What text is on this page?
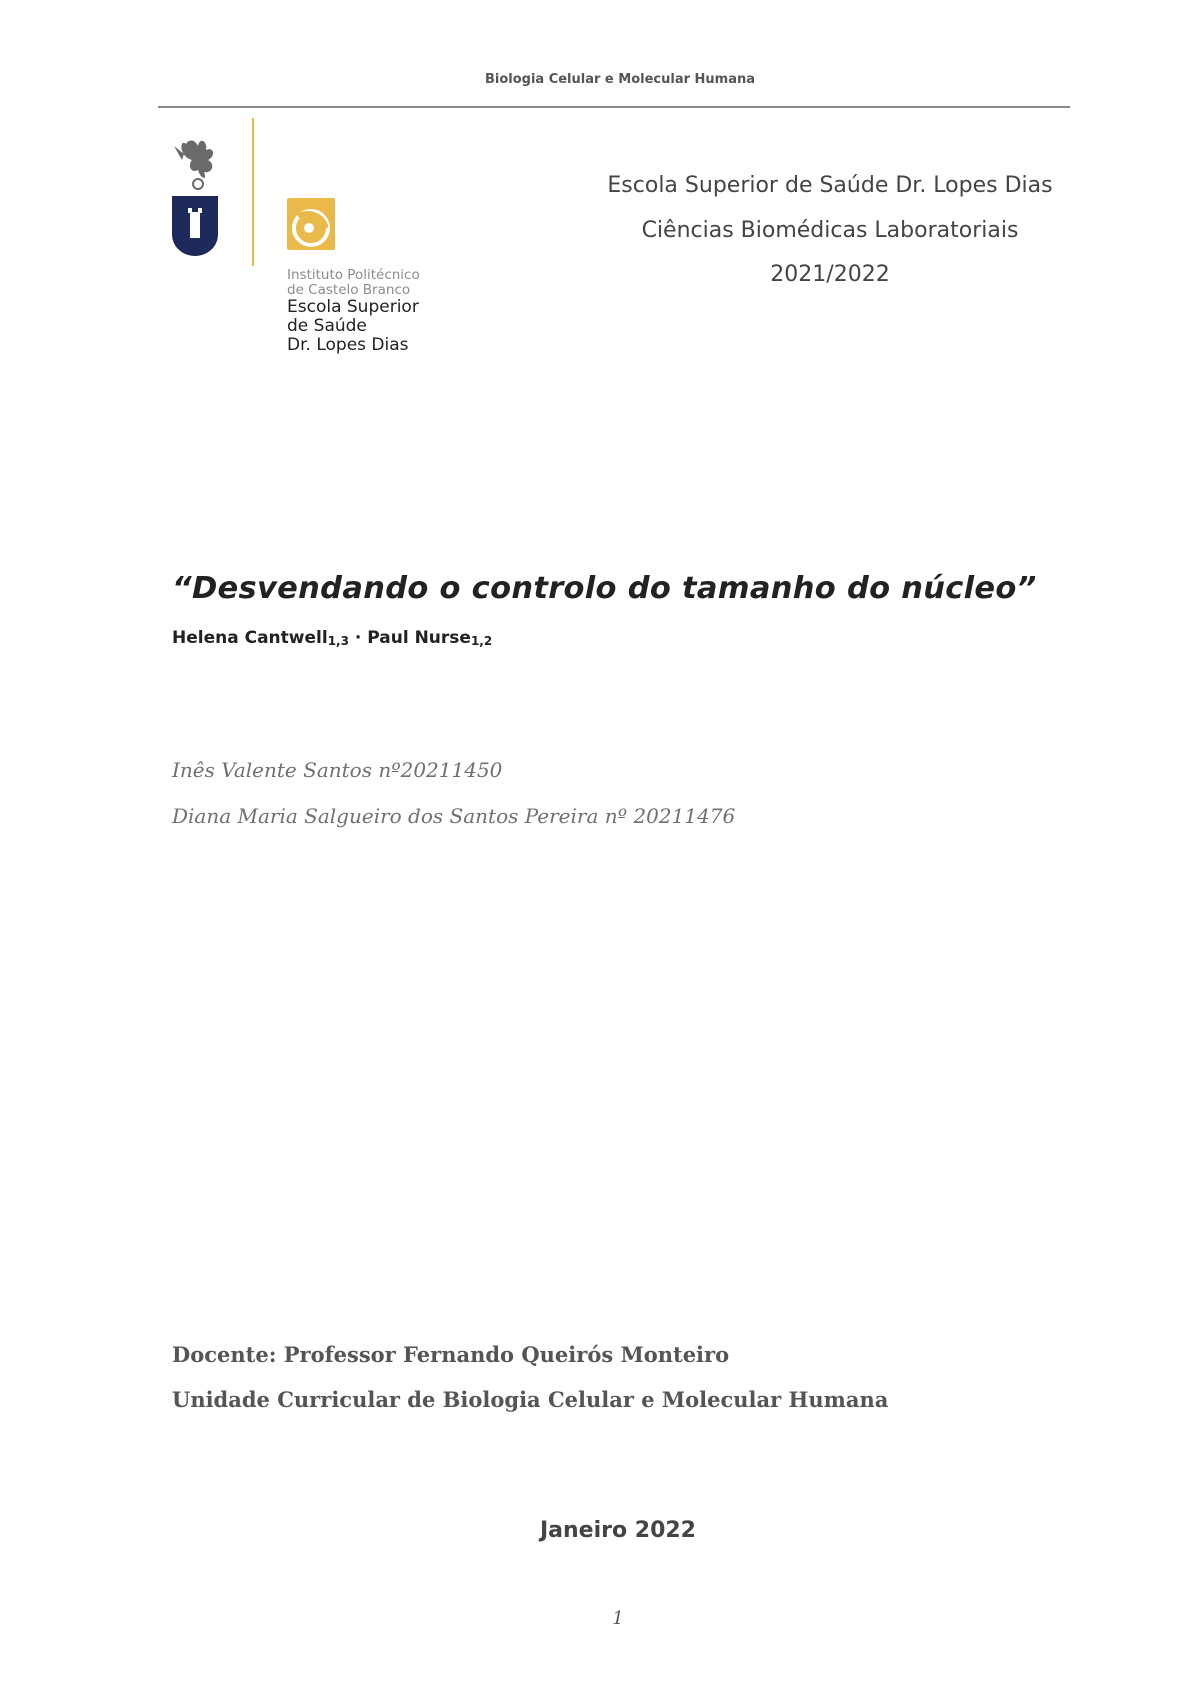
Biologia Celular e Molecular Humana
Instituto Politécnico
de Castelo Branco
Escola Superior
de Saúde
Dr. Lopes Dias
Escola Superior de Saúde Dr. Lopes Dias
Ciências Biomédicas Laboratoriais
2021/2022
“Desvendando o controlo do tamanho do núcleo”
Helena Cantwell$_{1,3}$ · Paul Nurse$_{1,2}$
Inês Valente Santos nº20211450
Diana Maria Salgueiro dos Santos Pereira nº 20211476
Docente: Professor Fernando Queirós Monteiro
Unidade Curricular de Biologia Celular e Molecular Humana
Janeiro 2022
1
